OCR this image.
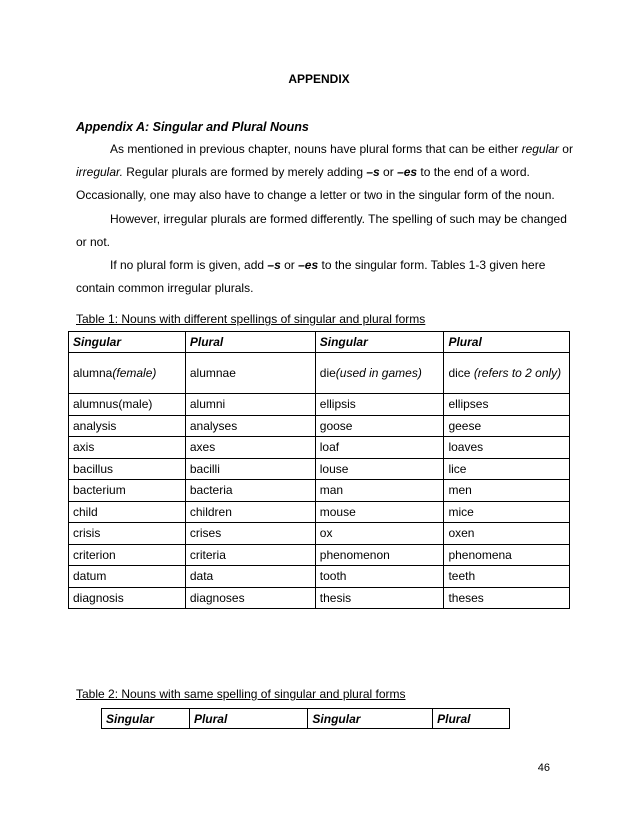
APPENDIX
Appendix A: Singular and Plural Nouns

As mentioned in previous chapter, nouns have plural forms that can be either regular or irregular. Regular plurals are formed by merely adding –s or –es to the end of a word. Occasionally, one may also have to change a letter or two in the singular form of the noun.

However, irregular plurals are formed differently. The spelling of such may be changed or not.

If no plural form is given, add –s or –es to the singular form. Tables 1-3 given here contain common irregular plurals.

Table 1: Nouns with different spellings of singular and plural forms
Singular	Plural	Singular	Plural
alumna(female)	alumnae	die(used in games)	dice (refers to 2 only)

alumnus(male)	alumni	ellipsis	ellipses
analysis	analyses	goose	geese
axis	axes	loaf	loaves
bacillus	bacilli	louse	lice
bacterium	bacteria	man	men
child	children	mouse	mice
crisis	crises	ox	oxen
criterion	criteria	phenomenon	phenomena
datum	data	tooth	teeth
diagnosis	diagnoses	thesis	theses
Table 2: Nouns with same spelling of singular and plural forms
Singular	Plural	Singular	Plural
46
